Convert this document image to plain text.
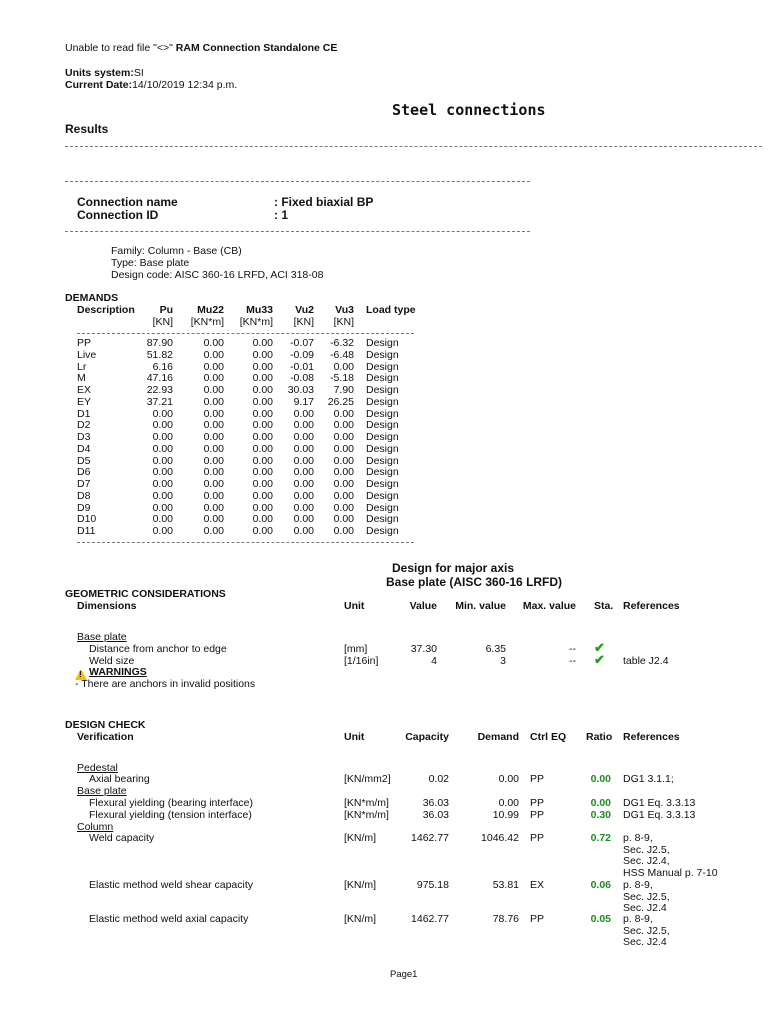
Unable to read file "<>" RAM Connection Standalone CE
Units system:SI
Current Date:14/10/2019 12:34 p.m.
Steel connections
Results
Connection name	: Fixed biaxial BP
Connection ID	: 1
Family: Column - Base (CB)
Type: Base plate
Design code: AISC 360-16 LRFD, ACI 318-08
DEMANDS
Description	Pu	Mu22	Mu33	Vu2	Vu3 Load type
[KN]	[KN*m]	[KN*m]	[KN]	[KN]
PP	87.90	0.00	0.00	-0.07	-6.32	Design
Live	51.82	0.00	0.00	-0.09	-6.48	Design
Lr	6.16	0.00	0.00	-0.01	0.00	Design
M	47.16	0.00	0.00	-0.08	-5.18	Design
EX	22.93	0.00	0.00	30.03	7.90	Design
EY	37.21	0.00	0.00	9.17	26.25	Design
D1	0.00	0.00	0.00	0.00	0.00	Design
D2	0.00	0.00	0.00	0.00	0.00	Design
D3	0.00	0.00	0.00	0.00	0.00	Design
D4	0.00	0.00	0.00	0.00	0.00	Design
D5	0.00	0.00	0.00	0.00	0.00	Design
D6	0.00	0.00	0.00	0.00	0.00	Design
D7	0.00	0.00	0.00	0.00	0.00	Design
D8	0.00	0.00	0.00	0.00	0.00	Design
D9	0.00	0.00	0.00	0.00	0.00	Design
D10	0.00	0.00	0.00	0.00	0.00	Design
D11	0.00	0.00	0.00	0.00	0.00	Design
Design for major axis
Base plate (AISC 360-16 LRFD)
GEOMETRIC CONSIDERATIONS
Dimensions	Unit	Value	Min. value	Max. value Sta. References
Base plate
Distance from anchor to edge	[mm]	37.30	6.35	-- ✔
Weld size	[1/16in]	4	3	-- ✔ table J2.4
! WARNINGS
- There are anchors in invalid positions
DESIGN CHECK
Verification	Unit	Capacity	Demand Ctrl EQ Ratio References
Pedestal
Base plate
Column
Axial bearing	[KN/mm2]	0.02	0.00 PP	0.00 DG1 3.1.1;
Flexural yielding (bearing interface)	[KN*m/m]	36.03	0.00 PP	0.00 DG1 Eq. 3.3.13
Flexural yielding (tension interface)	[KN*m/m]	36.03	10.99 PP	0.30 DG1 Eq. 3.3.13
Weld capacity	[KN/m]	1462.77	1046.42 PP	0.72 p. 8-9,
Sec. J2.5,
Sec. J2.4,
HSS Manual p. 7-10
Elastic method weld shear capacity	[KN/m]	975.18	53.81 EX	0.06 p. 8-9,
Sec. J2.5,
Sec. J2.4
Elastic method weld axial capacity	[KN/m]	1462.77	78.76 PP	0.05 p. 8-9,
Sec. J2.5,
Sec. J2.4
Page1
